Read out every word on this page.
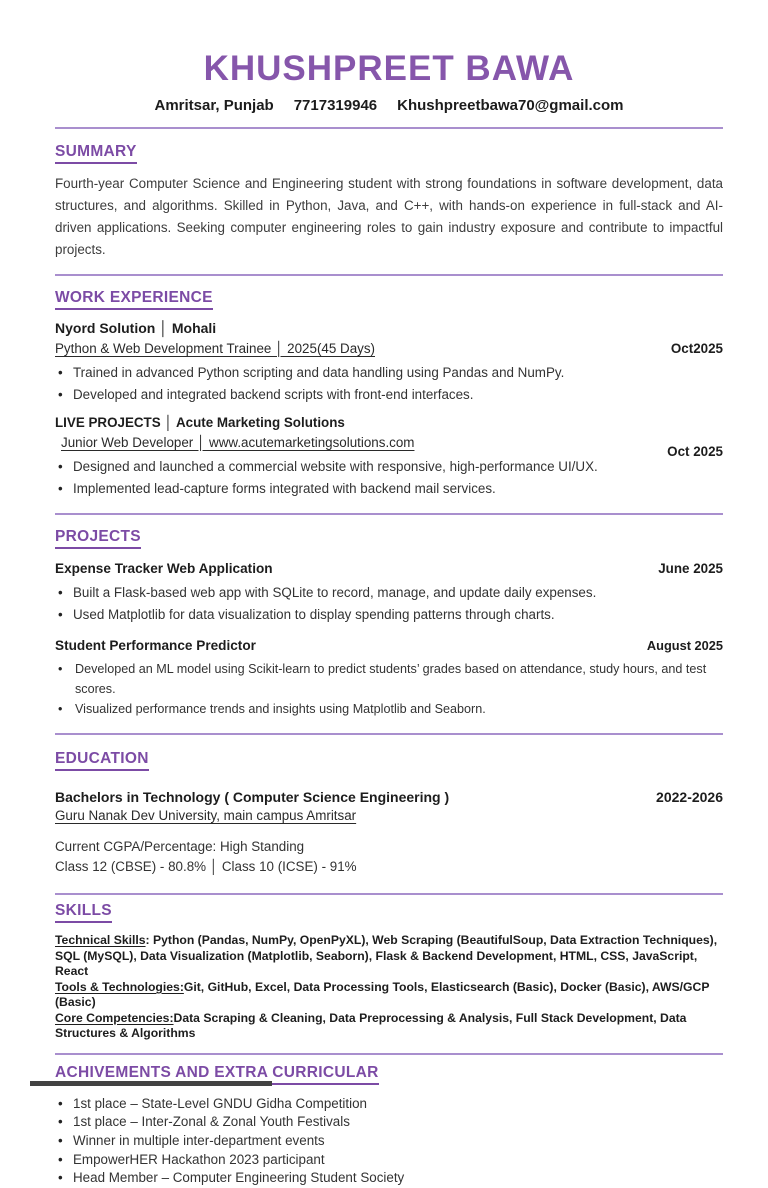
KHUSHPREET BAWA
Amritsar, Punjab 7717319946 Khushpreetbawa70@gmail.com
SUMMARY

Fourth-year Computer Science and Engineering student with strong foundations in software development, data structures, and algorithms. Skilled in Python, Java, and C++, with hands-on experience in full-stack and AI-driven applications. Seeking computer engineering roles to gain industry exposure and contribute to impactful projects.

WORK EXPERIENCE
Nyord Solution │ Mohali
Python & Web Development Trainee │ 2025(45 Days)	Oct2025
• Trained in advanced Python scripting and data handling using Pandas and NumPy.
• Developed and integrated backend scripts with front-end interfaces.
LIVE PROJECTS │ Acute Marketing Solutions
Junior Web Developer │ www.acutemarketingsolutions.com
Oct 2025
• Designed and launched a commercial website with responsive, high-performance UI/UX.
• Implemented lead-capture forms integrated with backend mail services.
PROJECTS
Expense Tracker Web Application	June 2025
• Built a Flask-based web app with SQLite to record, manage, and update daily expenses.
• Used Matplotlib for data visualization to display spending patterns through charts.
Student Performance Predictor	August 2025
• Developed an ML model using Scikit-learn to predict students’ grades based on attendance, study hours, and test scores.
• Visualized performance trends and insights using Matplotlib and Seaborn.
EDUCATION
Bachelors in Technology ( Computer Science Engineering )	2022-2026
Guru Nanak Dev University, main campus Amritsar
Current CGPA/Percentage: High Standing
Class 12 (CBSE) - 80.8% │ Class 10 (ICSE) - 91%
SKILLS
Technical Skills: Python (Pandas, NumPy, OpenPyXL), Web Scraping (BeautifulSoup, Data Extraction Techniques), SQL (MySQL), Data Visualization (Matplotlib, Seaborn), Flask & Backend Development, HTML, CSS, JavaScript, React
Tools & Technologies:Git, GitHub, Excel, Data Processing Tools, Elasticsearch (Basic), Docker (Basic), AWS/GCP (Basic)
Core Competencies:Data Scraping & Cleaning, Data Preprocessing & Analysis, Full Stack Development, Data Structures & Algorithms
ACHIVEMENTS AND EXTRA CURRICULAR
• 1st place – State-Level GNDU Gidha Competition
• 1st place – Inter-Zonal & Zonal Youth Festivals
• Winner in multiple inter-department events
• EmpowerHER Hackathon 2023 participant
• Head Member – Computer Engineering Student Society
